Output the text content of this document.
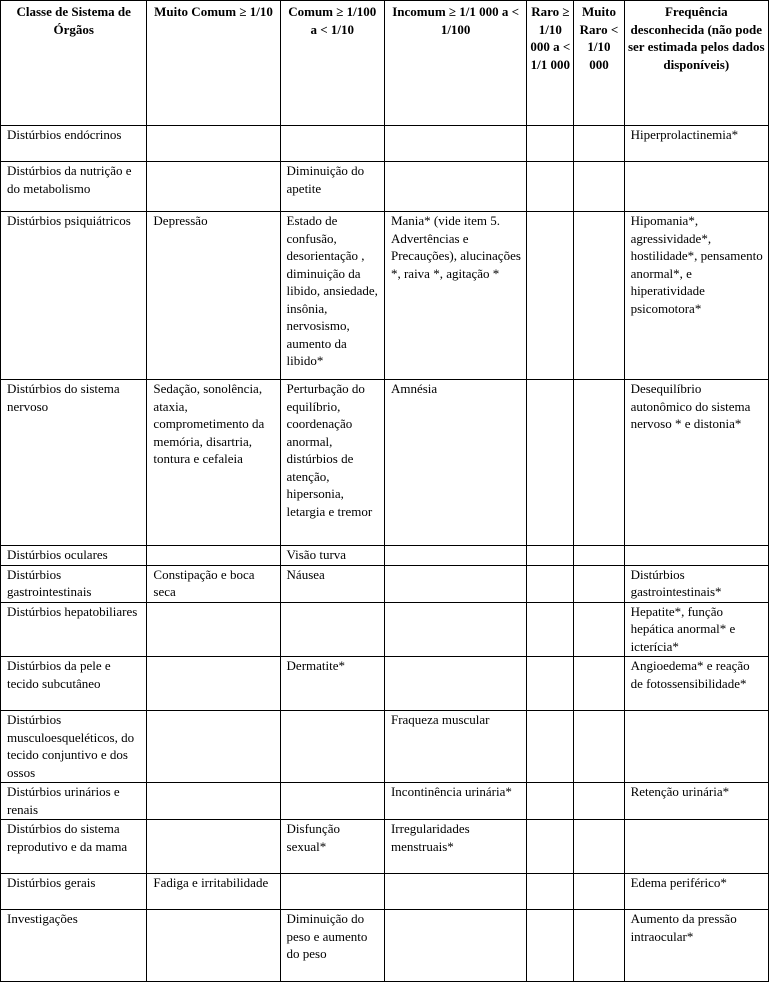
Classe de Sistema de Órgãos	Muito Comum ≥ 1/10	Comum ≥ 1/100 a < 1/10	Incomum ≥ 1/1 000 a < 1/100	Raro ≥ 1/10 000 a < 1/1 000	Muito Raro < 1/10 000	Frequência desconhecida (não pode ser estimada pelos dados disponíveis)
Distúrbios endócrinos						Hiperprolactinemia*
Distúrbios da nutrição e do metabolismo		Diminuição do apetite				
Distúrbios psiquiátricos	Depressão	Estado de confusão, desorientação , diminuição da libido, ansiedade, insônia, nervosismo, aumento da libido*	Mania* (vide item 5. Advertências e Precauções), alucinações *, raiva *, agitação *			Hipomania*, agressividade*, hostilidade*, pensamento anormal*, e hiperatividade psicomotora*
Distúrbios do sistema nervoso	Sedação, sonolência, ataxia, comprometimento da memória, disartria, tontura e cefaleia	Perturbação do equilíbrio, coordenação anormal, distúrbios de atenção, hipersonia, letargia e tremor	Amnésia			Desequilíbrio autonômico do sistema nervoso * e distonia*
Distúrbios oculares		Visão turva				
Distúrbios gastrointestinais	Constipação e boca seca	Náusea				Distúrbios gastrointestinais*
Distúrbios hepatobiliares						Hepatite*, função hepática anormal* e icterícia*
Distúrbios da pele e tecido subcutâneo		Dermatite*				Angioedema* e reação de fotossensibilidade*
Distúrbios musculoesqueléticos, do tecido conjuntivo e dos ossos			Fraqueza muscular			
Distúrbios urinários e renais			Incontinência urinária*			Retenção urinária*
Distúrbios do sistema reprodutivo e da mama		Disfunção sexual*	Irregularidades menstruais*			
Distúrbios gerais	Fadiga e irritabilidade					Edema periférico*
Investigações		Diminuição do peso e aumento do peso				Aumento da pressão intraocular*
